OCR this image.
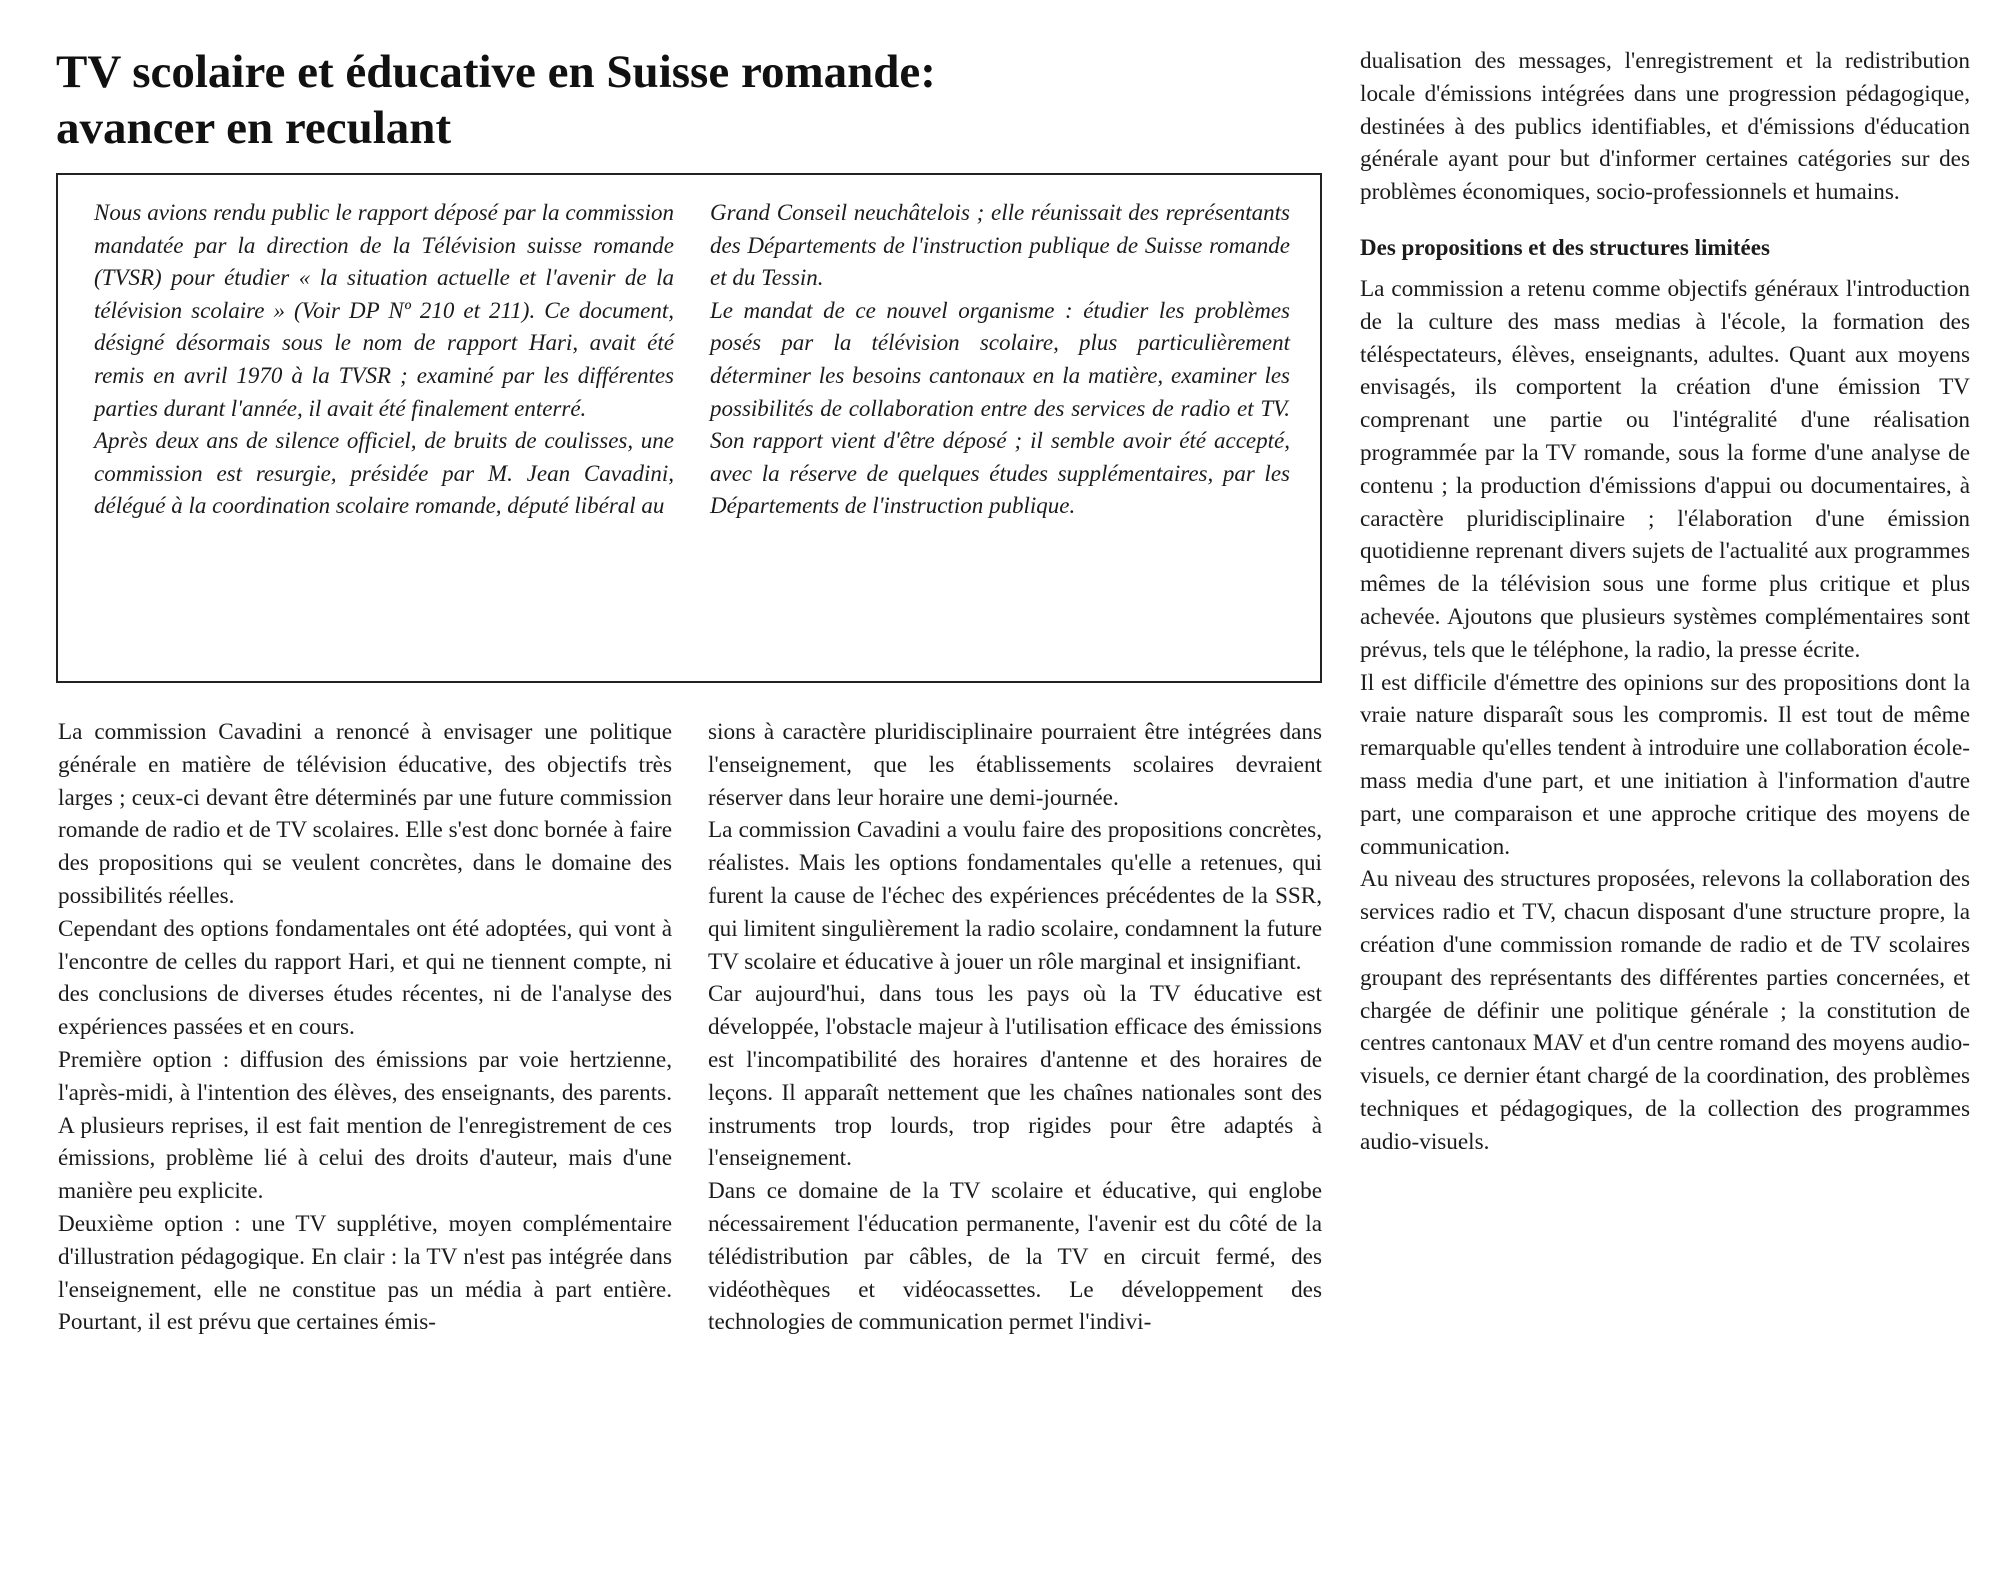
TV scolaire et éducative en Suisse romande:
avancer en reculant

Nous avions rendu public le rapport déposé par la commission mandatée par la direction de la Télévision suisse romande (TVSR) pour étudier « la situation actuelle et l'avenir de la télévision scolaire » (Voir DP Nº 210 et 211). Ce document, désigné désormais sous le nom de rapport Hari, avait été remis en avril 1970 à la TVSR ; examiné par les différentes parties durant l'année, il avait été finalement enterré.

Après deux ans de silence officiel, de bruits de coulisses, une commission est resurgie, présidée par M. Jean Cavadini, délégué à la coordination scolaire romande, député libéral au

Grand Conseil neuchâtelois ; elle réunissait des représentants des Départements de l'instruction publique de Suisse romande et du Tessin.

Le mandat de ce nouvel organisme : étudier les problèmes posés par la télévision scolaire, plus particulièrement déterminer les besoins cantonaux en la matière, examiner les possibilités de collaboration entre des services de radio et TV. Son rapport vient d'être déposé ; il semble avoir été accepté, avec la réserve de quelques études supplémentaires, par les Départements de l'instruction publique.

La commission Cavadini a renoncé à envisager une politique générale en matière de télévision éducative, des objectifs très larges ; ceux-ci devant être déterminés par une future commission romande de radio et de TV scolaires. Elle s'est donc bornée à faire des propositions qui se veulent concrètes, dans le domaine des possibilités réelles.

Cependant des options fondamentales ont été adoptées, qui vont à l'encontre de celles du rapport Hari, et qui ne tiennent compte, ni des conclusions de diverses études récentes, ni de l'analyse des expériences passées et en cours.

Première option : diffusion des émissions par voie hertzienne, l'après-midi, à l'intention des élèves, des enseignants, des parents. A plusieurs reprises, il est fait mention de l'enregistrement de ces émissions, problème lié à celui des droits d'auteur, mais d'une manière peu explicite.

Deuxième option : une TV supplétive, moyen complémentaire d'illustration pédagogique. En clair : la TV n'est pas intégrée dans l'enseignement, elle ne constitue pas un média à part entière. Pourtant, il est prévu que certaines émis-

sions à caractère pluridisciplinaire pourraient être intégrées dans l'enseignement, que les établissements scolaires devraient réserver dans leur horaire une demi-journée.

La commission Cavadini a voulu faire des propositions concrètes, réalistes. Mais les options fondamentales qu'elle a retenues, qui furent la cause de l'échec des expériences précédentes de la SSR, qui limitent singulièrement la radio scolaire, condamnent la future TV scolaire et éducative à jouer un rôle marginal et insignifiant.

Car aujourd'hui, dans tous les pays où la TV éducative est développée, l'obstacle majeur à l'utilisation efficace des émissions est l'incompatibilité des horaires d'antenne et des horaires de leçons. Il apparaît nettement que les chaînes nationales sont des instruments trop lourds, trop rigides pour être adaptés à l'enseignement.

Dans ce domaine de la TV scolaire et éducative, qui englobe nécessairement l'éducation permanente, l'avenir est du côté de la télédistribution par câbles, de la TV en circuit fermé, des vidéothèques et vidéocassettes. Le développement des technologies de communication permet l'indivi-

dualisation des messages, l'enregistrement et la redistribution locale d'émissions intégrées dans une progression pédagogique, destinées à des publics identifiables, et d'émissions d'éducation générale ayant pour but d'informer certaines catégories sur des problèmes économiques, socio-professionnels et humains.

Des propositions et des structures limitées

La commission a retenu comme objectifs généraux l'introduction de la culture des mass medias à l'école, la formation des téléspectateurs, élèves, enseignants, adultes. Quant aux moyens envisagés, ils comportent la création d'une émission TV comprenant une partie ou l'intégralité d'une réalisation programmée par la TV romande, sous la forme d'une analyse de contenu ; la production d'émissions d'appui ou documentaires, à caractère pluridisciplinaire ; l'élaboration d'une émission quotidienne reprenant divers sujets de l'actualité aux programmes mêmes de la télévision sous une forme plus critique et plus achevée. Ajoutons que plusieurs systèmes complémentaires sont prévus, tels que le téléphone, la radio, la presse écrite.

Il est difficile d'émettre des opinions sur des propositions dont la vraie nature disparaît sous les compromis. Il est tout de même remarquable qu'elles tendent à introduire une collaboration école-mass media d'une part, et une initiation à l'information d'autre part, une comparaison et une approche critique des moyens de communication.

Au niveau des structures proposées, relevons la collaboration des services radio et TV, chacun disposant d'une structure propre, la création d'une commission romande de radio et de TV scolaires groupant des représentants des différentes parties concernées, et chargée de définir une politique générale ; la constitution de centres cantonaux MAV et d'un centre romand des moyens audio-visuels, ce dernier étant chargé de la coordination, des problèmes techniques et pédagogiques, de la collection des programmes audio-visuels.
